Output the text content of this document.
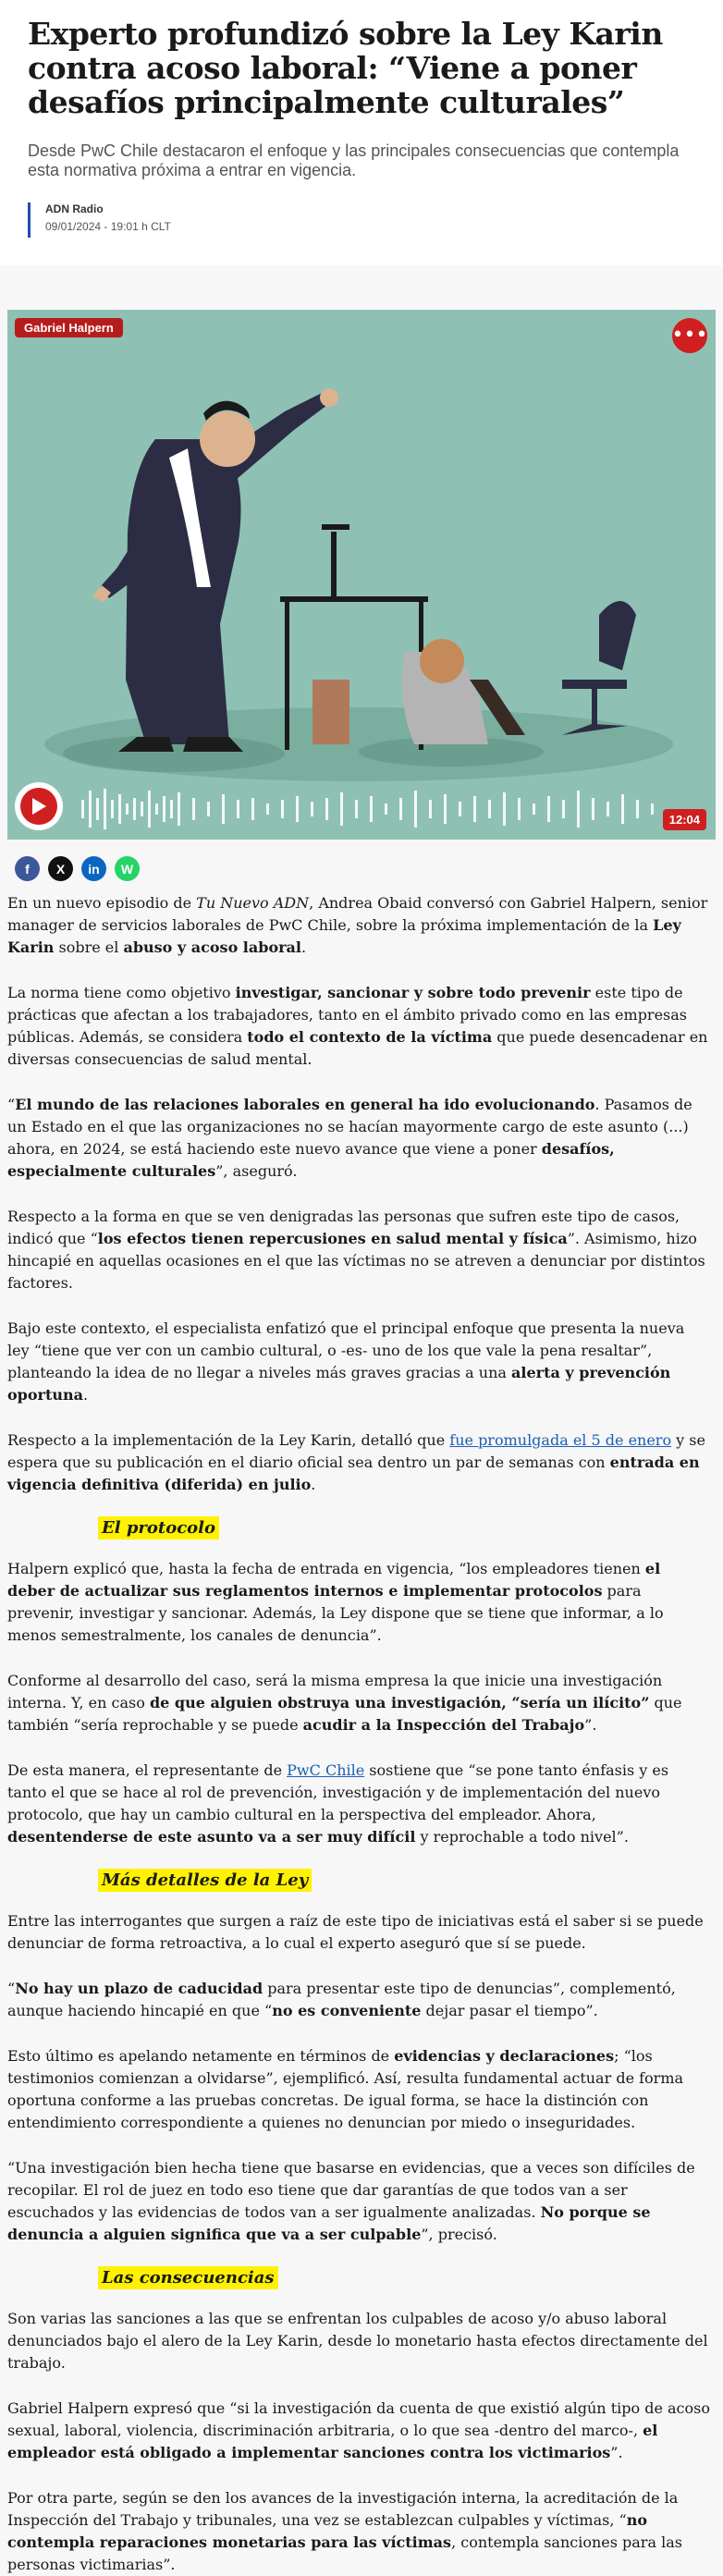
Experto profundizó sobre la Ley Karin contra acoso laboral: “Viene a poner desafíos principalmente culturales”

Desde PwC Chile destacaron el enfoque y las principales consecuencias que contempla esta normativa próxima a entrar en vigencia.

ADN Radio
09/01/2024 - 19:01 h CLT
Gabriel Halpern	•••
12:04
f	X	in	W

En un nuevo episodio de Tu Nuevo ADN, Andrea Obaid conversó con Gabriel Halpern, senior manager de servicios laborales de PwC Chile, sobre la próxima implementación de la Ley Karin sobre el abuso y acoso laboral.

La norma tiene como objetivo investigar, sancionar y sobre todo prevenir este tipo de prácticas que afectan a los trabajadores, tanto en el ámbito privado como en las empresas públicas. Además, se considera todo el contexto de la víctima que puede desencadenar en diversas consecuencias de salud mental.

“El mundo de las relaciones laborales en general ha ido evolucionando. Pasamos de un Estado en el que las organizaciones no se hacían mayormente cargo de este asunto (...) ahora, en 2024, se está haciendo este nuevo avance que viene a poner desafíos, especialmente culturales”, aseguró.

Respecto a la forma en que se ven denigradas las personas que sufren este tipo de casos, indicó que “los efectos tienen repercusiones en salud mental y física”. Asimismo, hizo hincapié en aquellas ocasiones en el que las víctimas no se atreven a denunciar por distintos factores.

Bajo este contexto, el especialista enfatizó que el principal enfoque que presenta la nueva ley “tiene que ver con un cambio cultural, o -es- uno de los que vale la pena resaltar”, planteando la idea de no llegar a niveles más graves gracias a una alerta y prevención oportuna.

Respecto a la implementación de la Ley Karin, detalló que fue promulgada el 5 de enero y se espera que su publicación en el diario oficial sea dentro un par de semanas con entrada en vigencia definitiva (diferida) en julio.

El protocolo

Halpern explicó que, hasta la fecha de entrada en vigencia, “los empleadores tienen el deber de actualizar sus reglamentos internos e implementar protocolos para prevenir, investigar y sancionar. Además, la Ley dispone que se tiene que informar, a lo menos semestralmente, los canales de denuncia”.

Conforme al desarrollo del caso, será la misma empresa la que inicie una investigación interna. Y, en caso de que alguien obstruya una investigación, “sería un ilícito” que también “sería reprochable y se puede acudir a la Inspección del Trabajo”.

De esta manera, el representante de PwC Chile sostiene que “se pone tanto énfasis y es tanto el que se hace al rol de prevención, investigación y de implementación del nuevo protocolo, que hay un cambio cultural en la perspectiva del empleador. Ahora, desentenderse de este asunto va a ser muy difícil y reprochable a todo nivel”.

Más detalles de la Ley

Entre las interrogantes que surgen a raíz de este tipo de iniciativas está el saber si se puede denunciar de forma retroactiva, a lo cual el experto aseguró que sí se puede.

“No hay un plazo de caducidad para presentar este tipo de denuncias”, complementó, aunque haciendo hincapié en que “no es conveniente dejar pasar el tiempo”.

Esto último es apelando netamente en términos de evidencias y declaraciones; “los testimonios comienzan a olvidarse”, ejemplificó. Así, resulta fundamental actuar de forma oportuna conforme a las pruebas concretas. De igual forma, se hace la distinción con entendimiento correspondiente a quienes no denuncian por miedo o inseguridades.

“Una investigación bien hecha tiene que basarse en evidencias, que a veces son difíciles de recopilar. El rol de juez en todo eso tiene que dar garantías de que todos van a ser escuchados y las evidencias de todos van a ser igualmente analizadas. No porque se denuncia a alguien significa que va a ser culpable”, precisó.

Las consecuencias

Son varias las sanciones a las que se enfrentan los culpables de acoso y/o abuso laboral denunciados bajo el alero de la Ley Karin, desde lo monetario hasta efectos directamente del trabajo.

Gabriel Halpern expresó que “si la investigación da cuenta de que existió algún tipo de acoso sexual, laboral, violencia, discriminación arbitraria, o lo que sea -dentro del marco-, el empleador está obligado a implementar sanciones contra los victimarios”.

Por otra parte, según se den los avances de la investigación interna, la acreditación de la Inspección del Trabajo y tribunales, una vez se establezcan culpables y víctimas, “no contempla reparaciones monetarias para las víctimas, contempla sanciones para las personas victimarias”.
